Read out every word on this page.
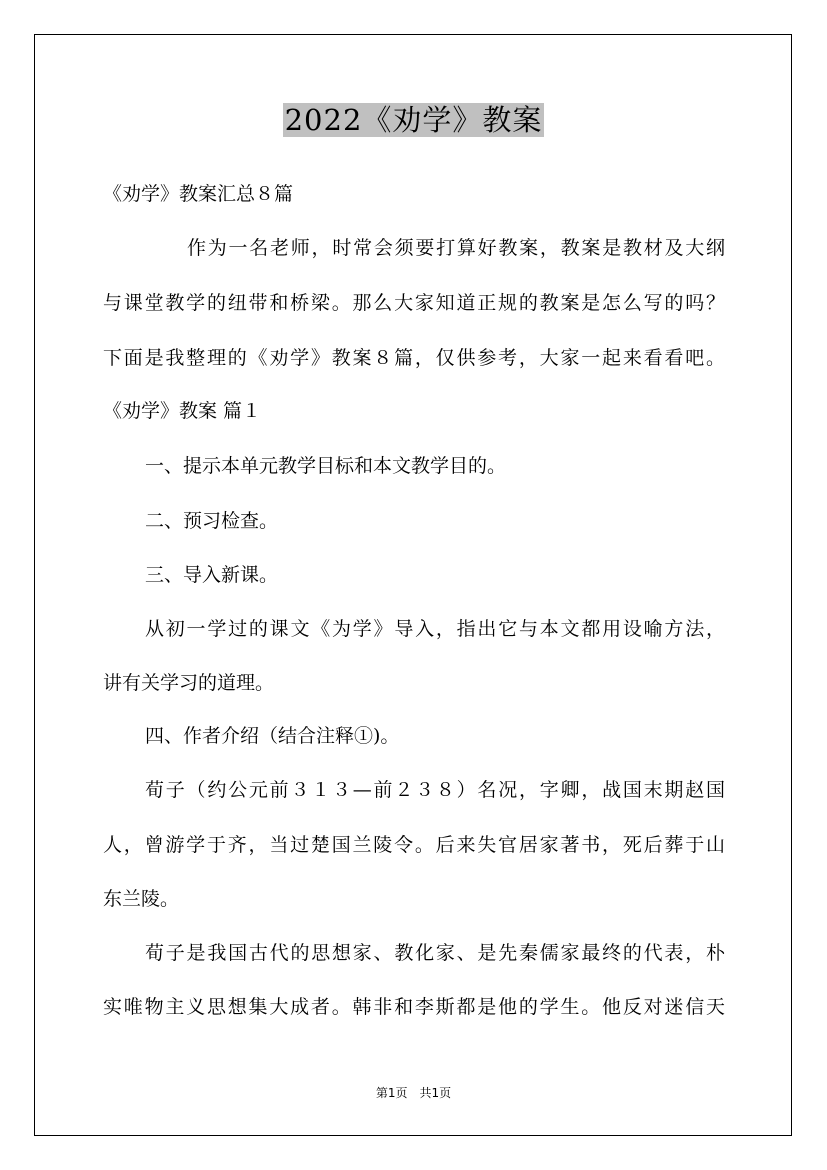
2022《劝学》教案
《劝学》教案汇总８篇
作为一名老师，时常会须要打算好教案，教案是教材及大纲
与课堂教学的纽带和桥梁。那么大家知道正规的教案是怎么写的吗？
下面是我整理的《劝学》教案８篇，仅供参考，大家一起来看看吧。
《劝学》教案 篇１
一、提示本单元教学目标和本文教学目的。
二、预习检查。
三、导入新课。
从初一学过的课文《为学》导入，指出它与本文都用设喻方法，
讲有关学习的道理。
四、作者介绍（结合注释①)。
荀子（约公元前３１３—前２３８）名况，字卿，战国末期赵国
人，曾游学于齐，当过楚国兰陵令。后来失官居家著书，死后葬于山
东兰陵。
荀子是我国古代的思想家、教化家、是先秦儒家最终的代表，朴
实唯物主义思想集大成者。韩非和李斯都是他的学生。他反对迷信天
第1页　共1页
